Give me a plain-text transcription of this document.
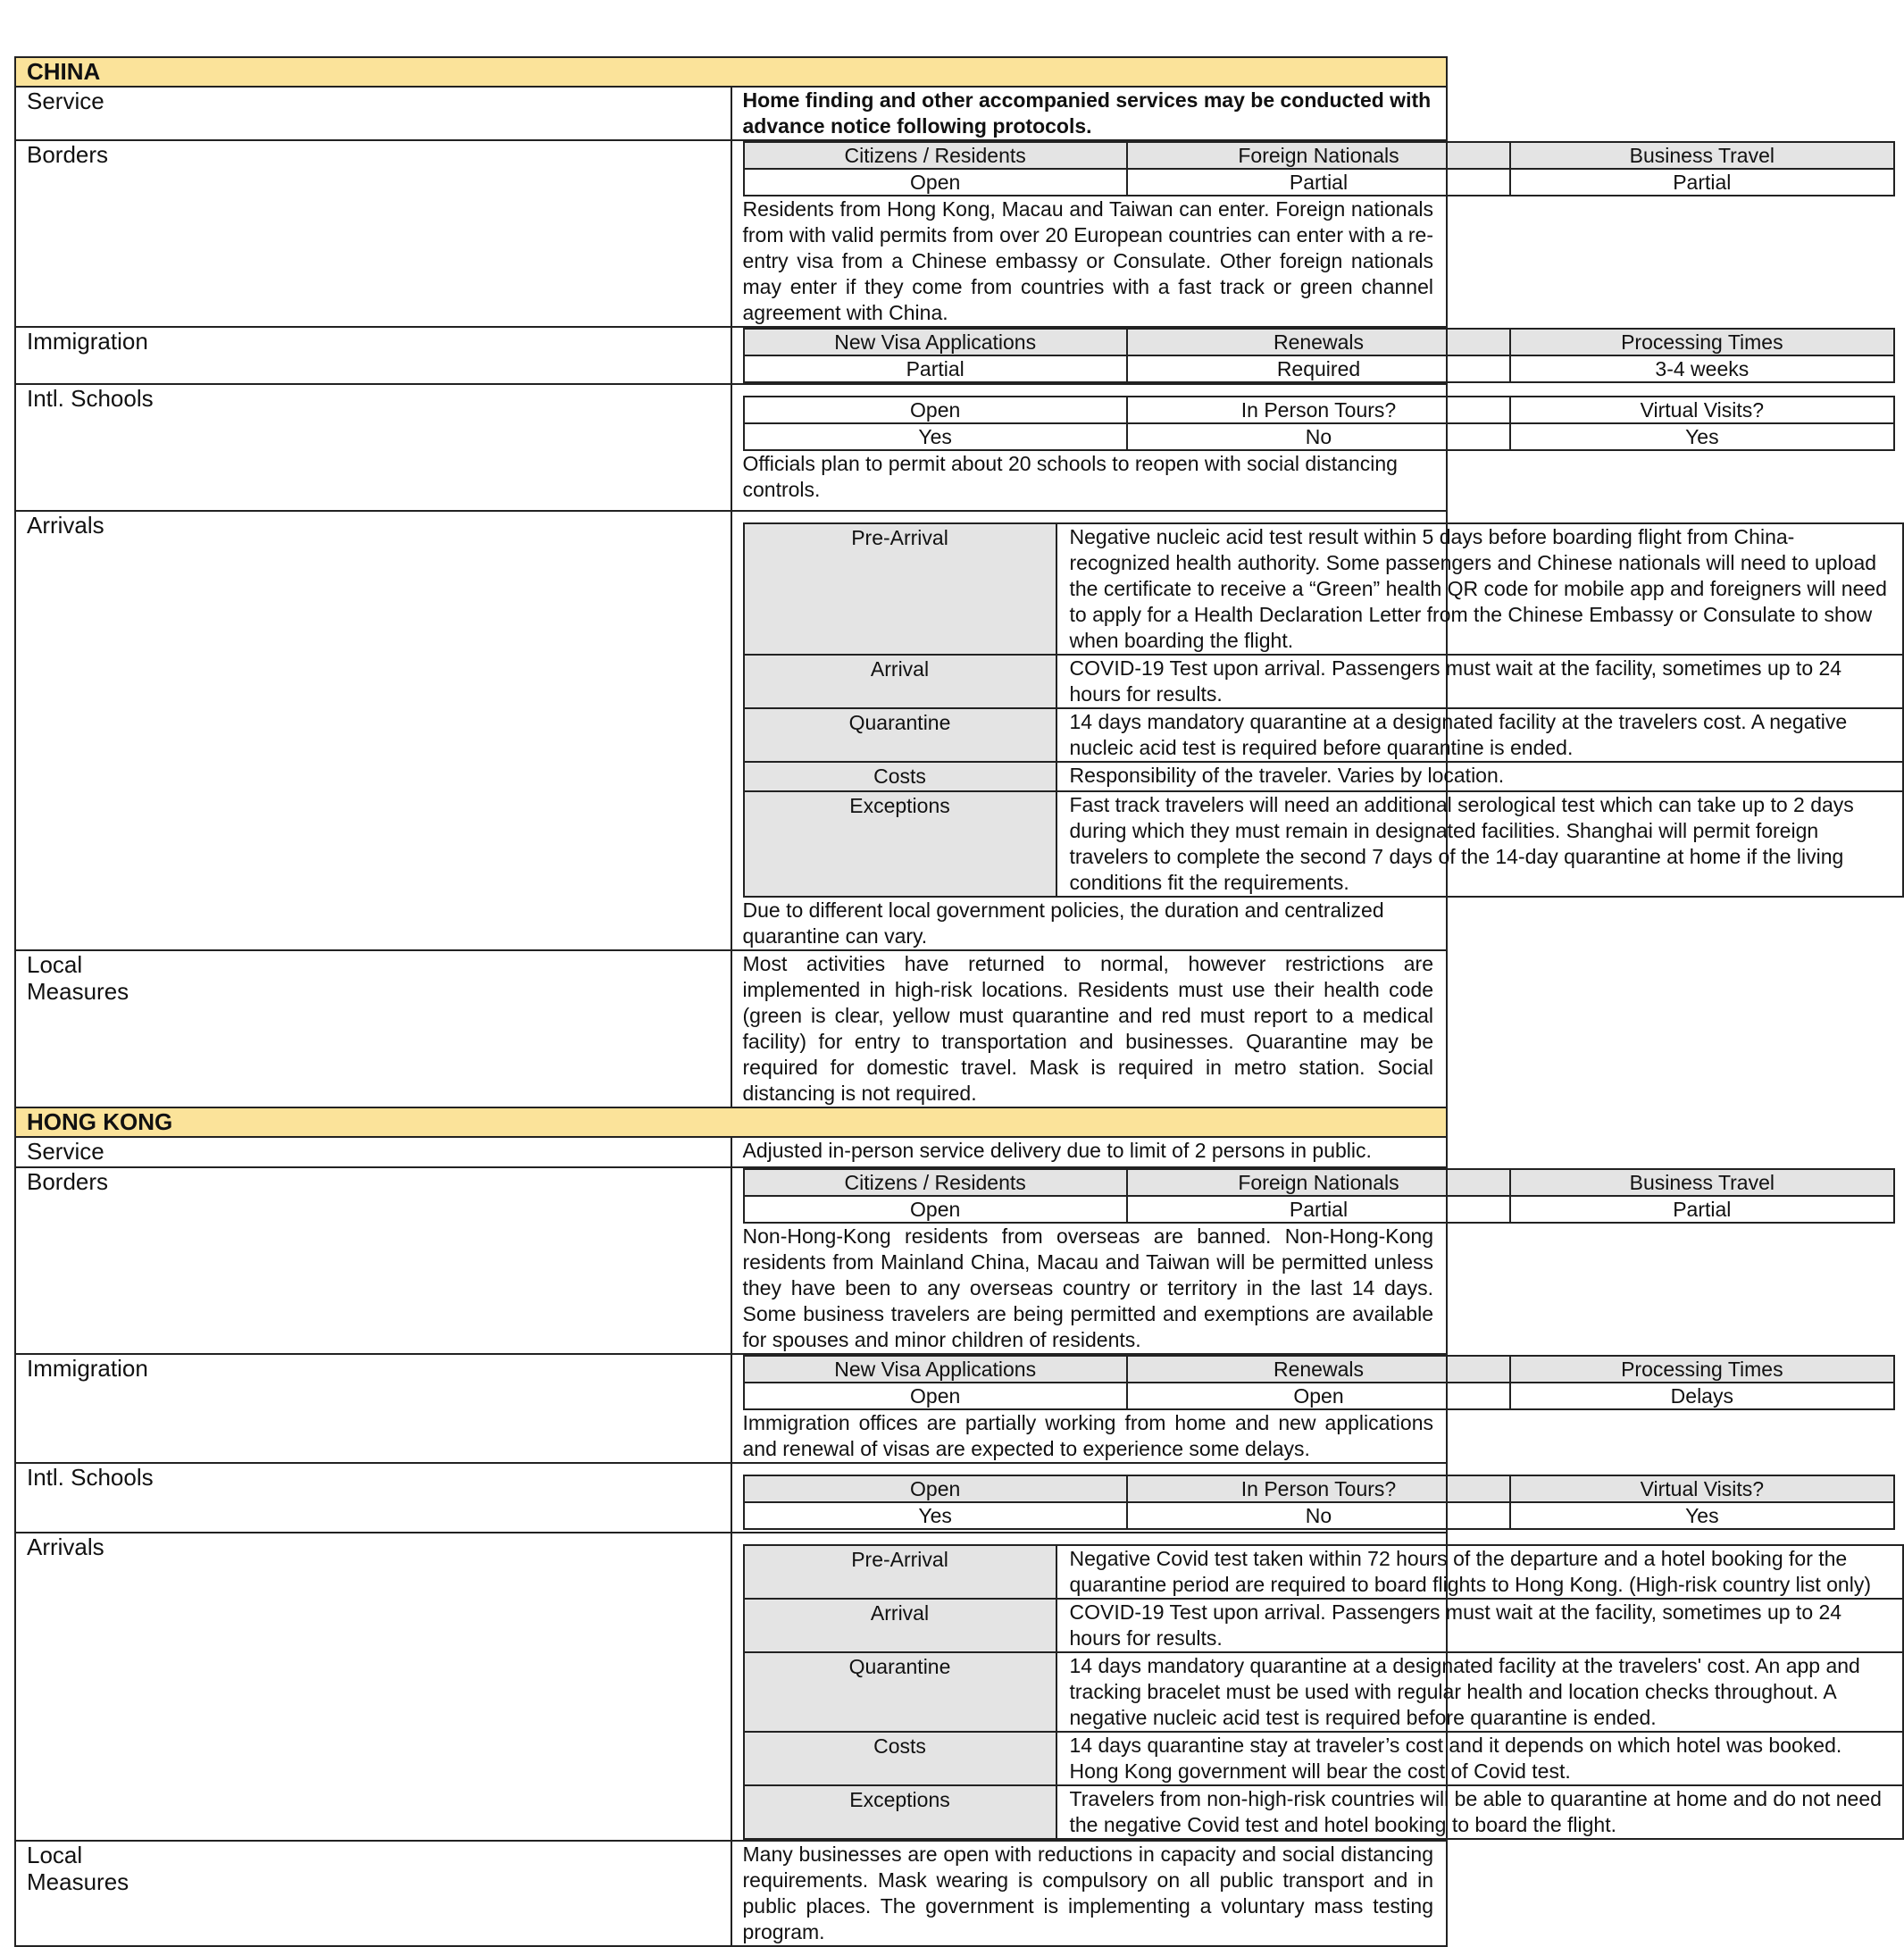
CHINA
Service	Home finding and other accompanied services may be conducted with advance notice following protocols.
Borders		Citizens / Residents	Foreign Nationals	Business Travel
Open	Partial	Partial
Residents from Hong Kong, Macau and Taiwan can enter. Foreign nationals from with valid permits from over 20 European countries can enter with a re-entry visa from a Chinese embassy or Consulate. Other foreign nationals may enter if they come from countries with a fast track or green channel agreement with China.

Immigration		New Visa Applications	Renewals	Processing Times
Partial	Required	3-4 weeks

Intl. Schools		Open	In Person Tours?	Virtual Visits?
Yes	No	Yes
Officials plan to permit about 20 schools to reopen with social distancing controls.

Arrivals		Pre-Arrival	Negative nucleic acid test result within 5 days before boarding flight from China-recognized health authority. Some passengers and Chinese nationals will need to upload the certificate to receive a “Green” health QR code for mobile app and foreigners will need to apply for a Health Declaration Letter from the Chinese Embassy or Consulate to show when boarding the flight.
Arrival	COVID-19 Test upon arrival. Passengers must wait at the facility, sometimes up to 24 hours for results.
Quarantine	14 days mandatory quarantine at a designated facility at the travelers cost. A negative nucleic acid test is required before quarantine is ended.
Costs	Responsibility of the traveler. Varies by location.
Exceptions	Fast track travelers will need an additional serological test which can take up to 2 days during which they must remain in designated facilities. Shanghai will permit foreign travelers to complete the second 7 days of the 14-day quarantine at home if the living conditions fit the requirements.
Due to different local government policies, the duration and centralized quarantine can vary.

Local
Measures
	Most activities have returned to normal, however restrictions are implemented in high-risk locations. Residents must use their health code (green is clear, yellow must quarantine and red must report to a medical facility) for entry to transportation and businesses. Quarantine may be required for domestic travel. Mask is required in metro station. Social distancing is not required.
HONG KONG
Service	Adjusted in-person service delivery due to limit of 2 persons in public.
Borders		Citizens / Residents	Foreign Nationals	Business Travel
Open	Partial	Partial
Non-Hong-Kong residents from overseas are banned. Non-Hong-Kong residents from Mainland China, Macau and Taiwan will be permitted unless they have been to any overseas country or territory in the last 14 days. Some business travelers are being permitted and exemptions are available for spouses and minor children of residents.

Immigration		New Visa Applications	Renewals	Processing Times
Open	Open	Delays
Immigration offices are partially working from home and new applications and renewal of visas are expected to experience some delays.

Intl. Schools		Open	In Person Tours?	Virtual Visits?
Yes	No	Yes

Arrivals		Pre-Arrival	Negative Covid test taken within 72 hours of the departure and a hotel booking for the quarantine period are required to board flights to Hong Kong. (High-risk country list only)
Arrival	COVID-19 Test upon arrival. Passengers must wait at the facility, sometimes up to 24 hours for results.
Quarantine	14 days mandatory quarantine at a designated facility at the travelers' cost. An app and tracking bracelet must be used with regular health and location checks throughout. A negative nucleic acid test is required before quarantine is ended.
Costs	14 days quarantine stay at traveler’s cost and it depends on which hotel was booked. Hong Kong government will bear the cost of Covid test.
Exceptions	Travelers from non-high-risk countries will be able to quarantine at home and do not need the negative Covid test and hotel booking to board the flight.

Local
Measures
	Many businesses are open with reductions in capacity and social distancing requirements. Mask wearing is compulsory on all public transport and in public places. The government is implementing a voluntary mass testing program.
